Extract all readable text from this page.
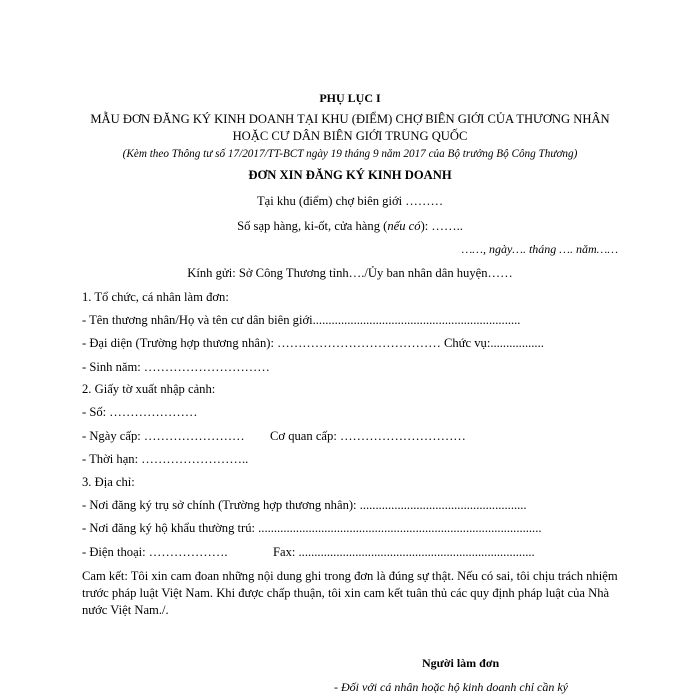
PHỤ LỤC I
MẪU ĐƠN ĐĂNG KÝ KINH DOANH TẠI KHU (ĐIỂM) CHỢ BIÊN GIỚI CỦA THƯƠNG NHÂN
HOẶC CƯ DÂN BIÊN GIỚI TRUNG QUỐC
(Kèm theo Thông tư số 17/2017/TT-BCT ngày 19 tháng 9 năm 2017 của Bộ trưởng Bộ Công Thương)
ĐƠN XIN ĐĂNG KÝ KINH DOANH
Tại khu (điểm) chợ biên giới ………
Số sạp hàng, ki-ốt, cửa hàng (nếu có): ……..
……, ngày…. tháng …. năm……
Kính gửi: Sở Công Thương tỉnh…./Ủy ban nhân dân huyện……
1. Tổ chức, cá nhân làm đơn:
- Tên thương nhân/Họ và tên cư dân biên giới..................................................................
- Đại diện (Trường hợp thương nhân): ………………………………… Chức vụ:.................
- Sinh năm: …………………………
2. Giấy tờ xuất nhập cảnh:
- Số: …………………
- Ngày cấp: …………………… Cơ quan cấp: …………………………
- Thời hạn: ……………………..
3. Địa chỉ:
- Nơi đăng ký trụ sở chính (Trường hợp thương nhân): .....................................................
- Nơi đăng ký hộ khẩu thường trú: ..........................................................................................
- Điện thoại: ……………….	Fax: ...........................................................................
Cam kết: Tôi xin cam đoan những nội dung ghi trong đơn là đúng sự thật. Nếu có sai, tôi chịu trách nhiệm trước pháp luật Việt Nam. Khi được chấp thuận, tôi xin cam kết tuân thủ các quy định pháp luật của Nhà nước Việt Nam./.
Người làm đơn
- Đối với cá nhân hoặc hộ kinh doanh chỉ cần ký
